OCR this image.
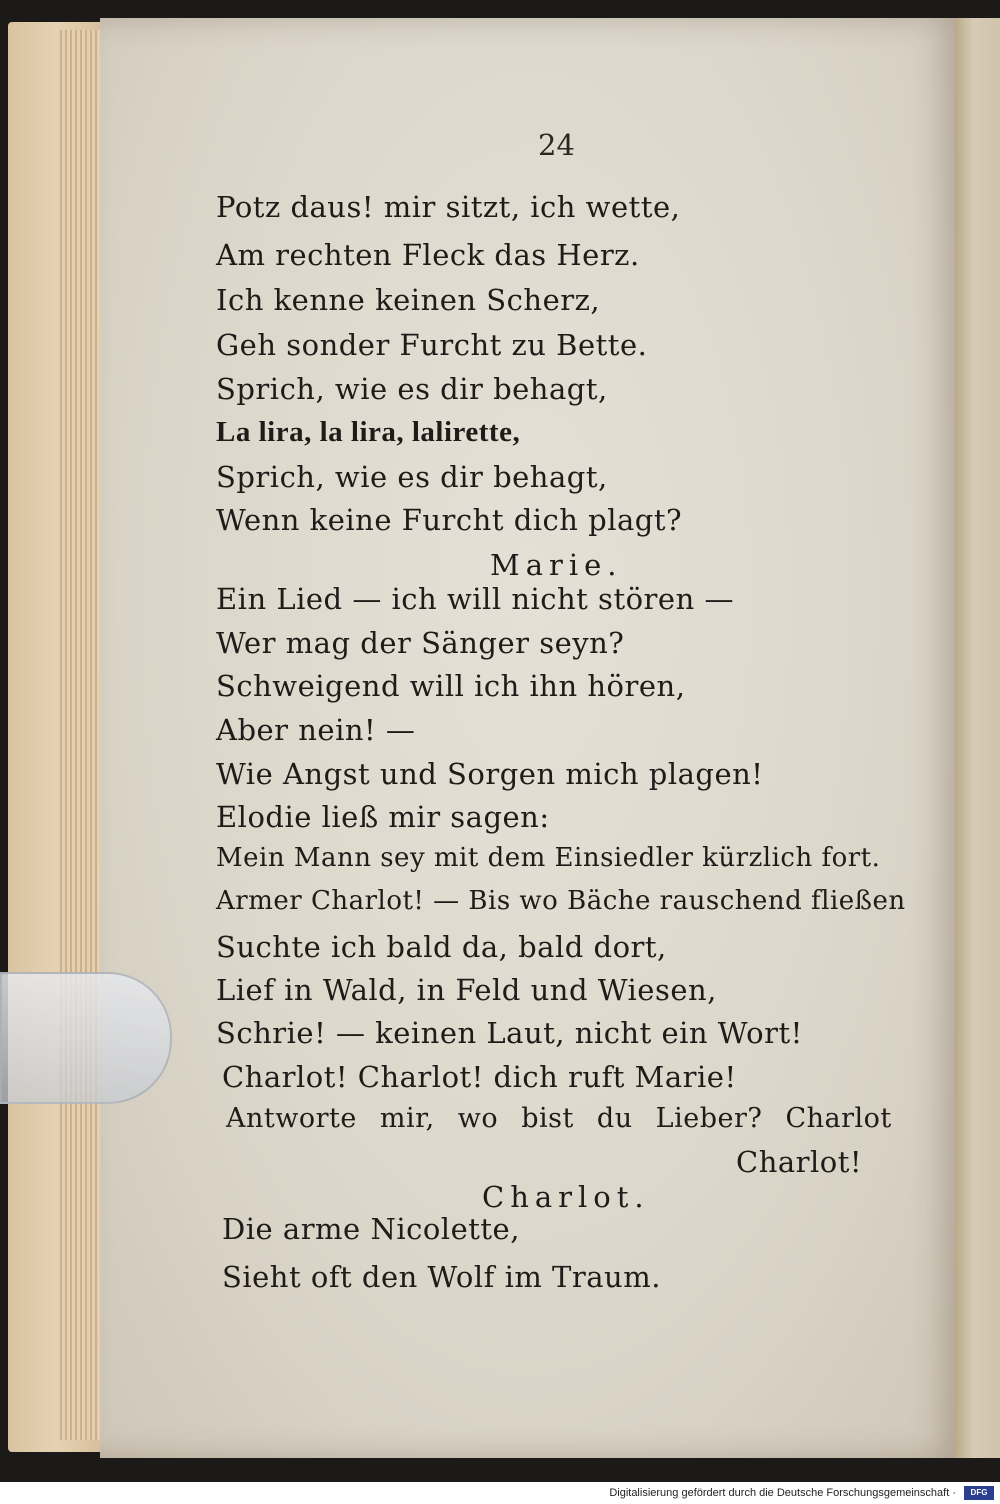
24
Potz daus! mir sitzt, ich wette,
Am rechten Fleck das Herz.
Ich kenne keinen Scherz,
Geh sonder Furcht zu Bette.
Sprich, wie es dir behagt,
La lira, la lira, lalirette,
Sprich, wie es dir behagt,
Wenn keine Furcht dich plagt?
Marie.
Ein Lied — ich will nicht stören —
Wer mag der Sänger seyn?
Schweigend will ich ihn hören,
Aber nein! —
Wie Angst und Sorgen mich plagen!
Elodie ließ mir sagen:
Mein Mann sey mit dem Einsiedler kürzlich fort.
Armer Charlot! — Bis wo Bäche rauschend fließen
Suchte ich bald da, bald dort,
Lief in Wald, in Feld und Wiesen,
Schrie! — keinen Laut, nicht ein Wort!
Charlot! Charlot! dich ruft Marie!
Antworte mir, wo bist du Lieber? Charlot
Charlot!
Charlot.
Die arme Nicolette,
Sieht oft den Wolf im Traum.
Digitalisierung gefördert durch die Deutsche Forschungsgemeinschaft ·	DFG
